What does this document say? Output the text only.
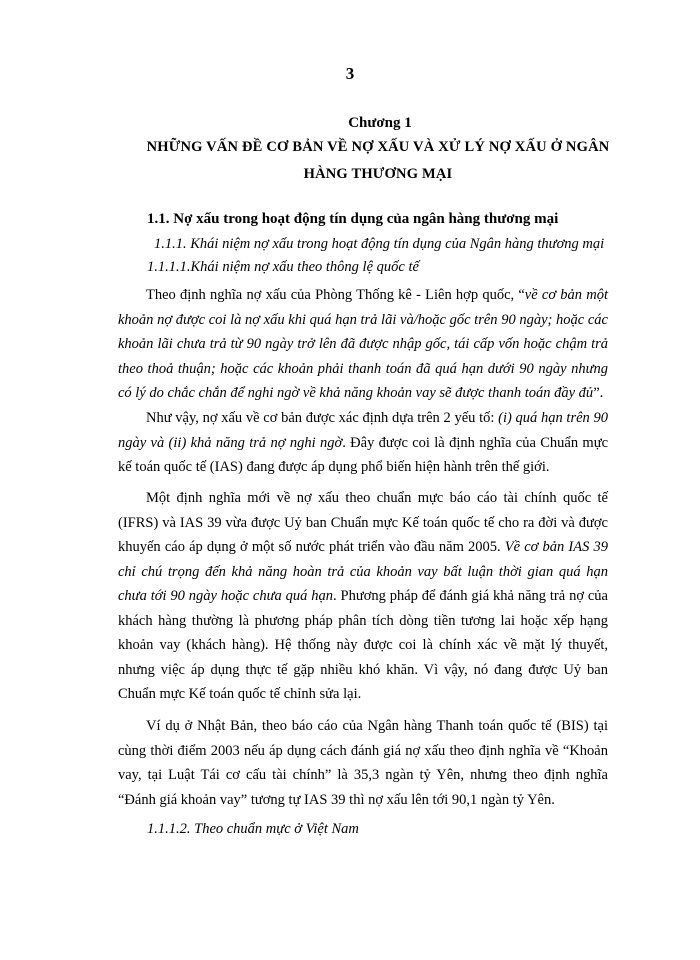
3
Chương 1
NHỮNG VẤN ĐỀ CƠ BẢN VỀ NỢ XẤU VÀ XỬ LÝ NỢ XẤU Ở NGÂN HÀNG THƯƠNG MẠI
1.1. Nợ xấu trong hoạt động tín dụng của ngân hàng thương mại
1.1.1. Khái niệm nợ xấu trong hoạt động tín dụng của Ngân hàng thương mại
1.1.1.1.Khái niệm nợ xấu theo thông lệ quốc tế

Theo định nghĩa nợ xấu của Phòng Thống kê - Liên hợp quốc, “về cơ bản một khoản nợ được coi là nợ xấu khi quá hạn trả lãi và/hoặc gốc trên 90 ngày; hoặc các khoản lãi chưa trả từ 90 ngày trở lên đã được nhập gốc, tái cấp vốn hoặc chậm trả theo thoả thuận; hoặc các khoản phải thanh toán đã quá hạn dưới 90 ngày nhưng có lý do chắc chắn để nghi ngờ về khả năng khoản vay sẽ được thanh toán đầy đủ”.

Như vậy, nợ xấu về cơ bản được xác định dựa trên 2 yếu tố: (i) quá hạn trên 90 ngày và (ii) khả năng trả nợ nghi ngờ. Đây được coi là định nghĩa của Chuẩn mực kế toán quốc tế (IAS) đang được áp dụng phổ biến hiện hành trên thế giới.

Một định nghĩa mới về nợ xấu theo chuẩn mực báo cáo tài chính quốc tế (IFRS) và IAS 39 vừa được Uỷ ban Chuẩn mực Kế toán quốc tế cho ra đời và được khuyến cáo áp dụng ở một số nước phát triển vào đầu năm 2005. Về cơ bản IAS 39 chỉ chú trọng đến khả năng hoàn trả của khoản vay bất luận thời gian quá hạn chưa tới 90 ngày hoặc chưa quá hạn. Phương pháp để đánh giá khả năng trả nợ của khách hàng thường là phương pháp phân tích dòng tiền tương lai hoặc xếp hạng khoản vay (khách hàng). Hệ thống này được coi là chính xác về mặt lý thuyết, nhưng việc áp dụng thực tế gặp nhiều khó khăn. Vì vậy, nó đang được Uỷ ban Chuẩn mực Kế toán quốc tế chỉnh sửa lại.

Ví dụ ở Nhật Bản, theo báo cáo của Ngân hàng Thanh toán quốc tế (BIS) tại cùng thời điểm 2003 nếu áp dụng cách đánh giá nợ xấu theo định nghĩa về “Khoản vay, tại Luật Tái cơ cấu tài chính” là 35,3 ngàn tỷ Yên, nhưng theo định nghĩa “Đánh giá khoản vay” tương tự IAS 39 thì nợ xấu lên tới 90,1 ngàn tỷ Yên.

1.1.1.2. Theo chuẩn mực ở Việt Nam
